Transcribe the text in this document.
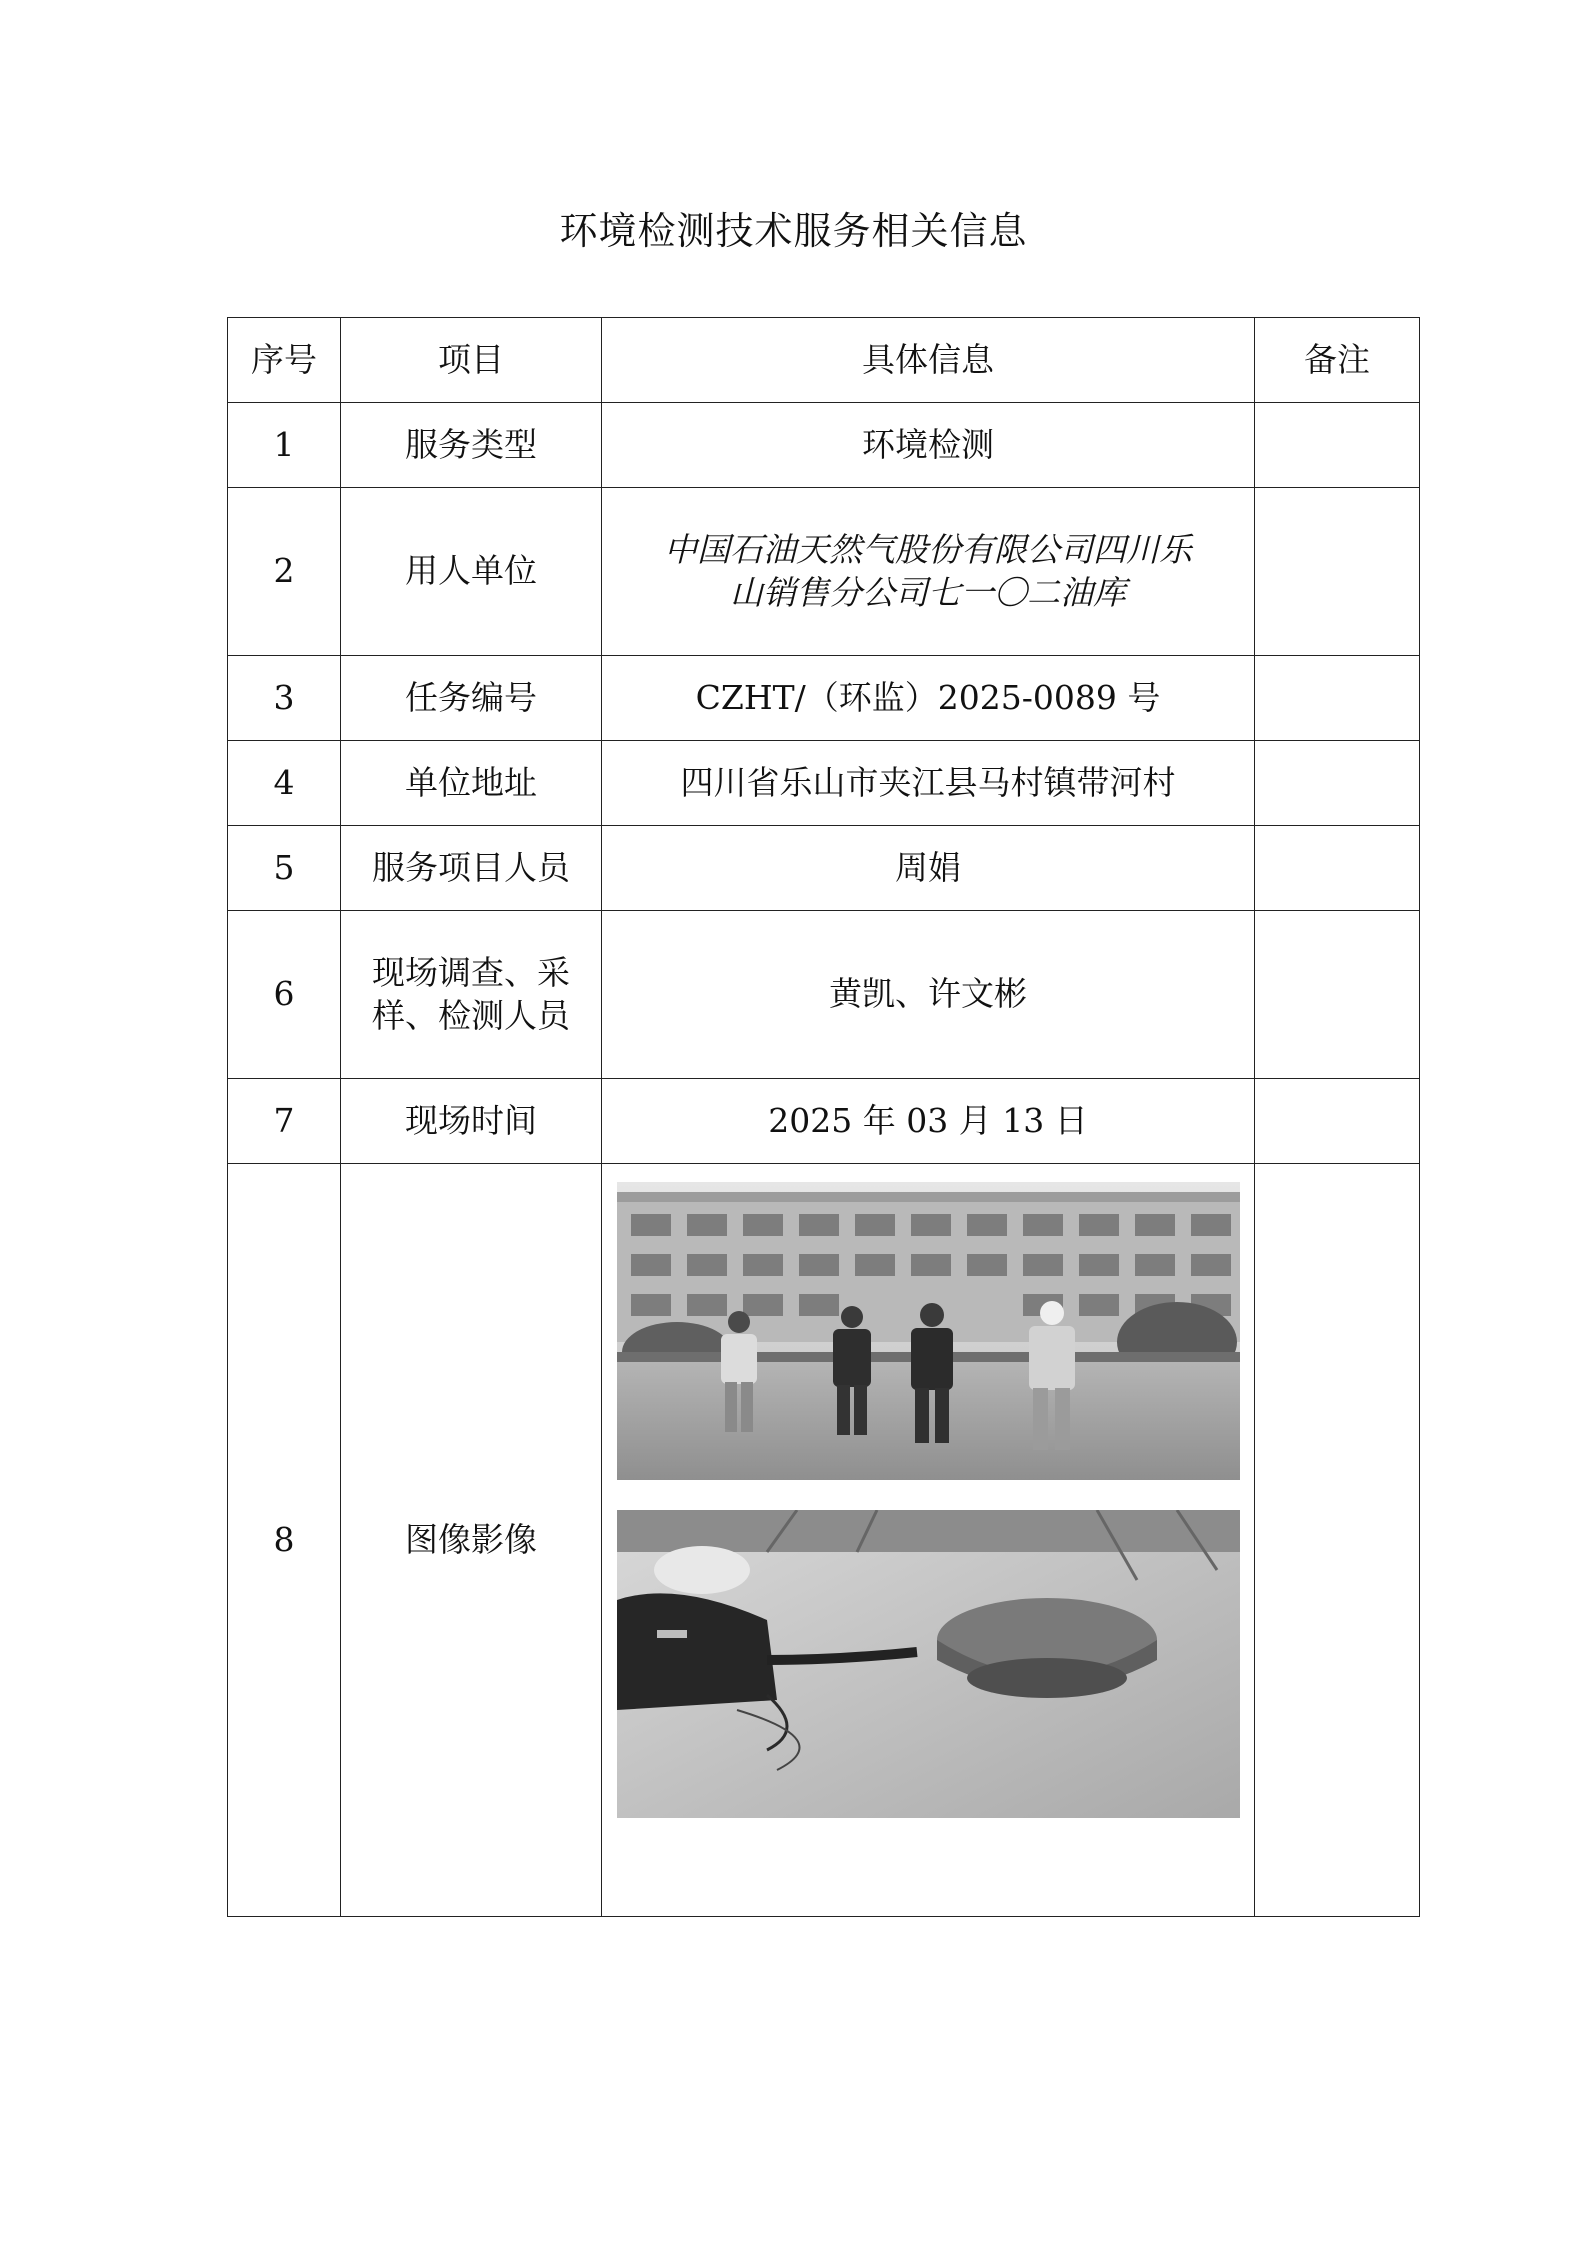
环境检测技术服务相关信息
序号	项目	具体信息	备注
1	服务类型	环境检测	
2	用人单位	中国石油天然气股份有限公司四川乐
山销售分公司七一〇二油库	

3	任务编号	CZHT/（环监）2025-0089 号	
4	单位地址	四川省乐山市夹江县马村镇带河村	
5	服务项目人员	周娟	
6	现场调查、采
样、检测人员	黄凯、许文彬	
7	现场时间	2025 年 03 月 13 日	
8	图像影像	
